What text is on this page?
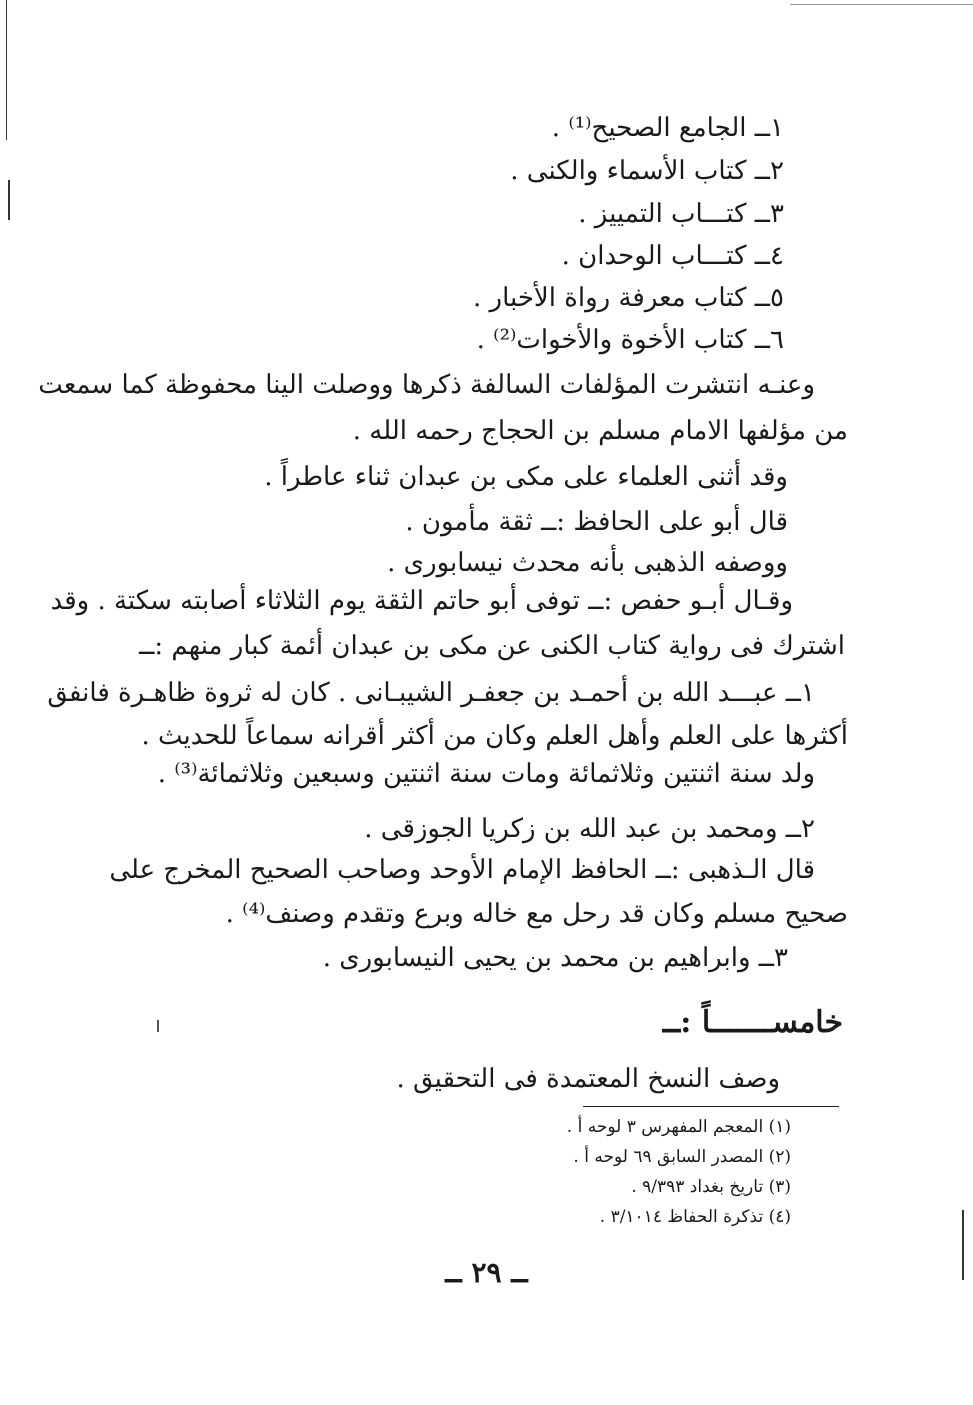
١ــ الجامع الصحيح⁽¹⁾ .
٢ــ كتاب الأسماء والكنى .
٣ــ كتـــاب التمييز .
٤ــ كتـــاب الوحدان .
٥ــ كتاب معرفة رواة الأخبار .
٦ــ كتاب الأخوة والأخوات⁽²⁾ .
وعنـه انتشرت المؤلفات السالفة ذكرها ووصلت الينا محفوظة كما سمعت
من مؤلفها الامام مسلم بن الحجاج رحمه الله .
وقد أثنى العلماء على مكى بن عبدان ثناء عاطراً .
قال أبو على الحافظ :ــ ثقة مأمون .
ووصفه الذهبى بأنه محدث نيسابورى .
وقـال أبـو حفص :ــ توفى أبو حاتم الثقة يوم الثلاثاء أصابته سكتة . وقد
اشترك فى رواية كتاب الكنى عن مكى بن عبدان أئمة كبار منهم :ــ
١ــ عبـــد الله بن أحمـد بن جعفـر الشيبـانى . كان له ثروة ظاهـرة فانفق
أكثرها على العلم وأهل العلم وكان من أكثر أقرانه سماعاً للحديث .
ولد سنة اثنتين وثلاثمائة ومات سنة اثنتين وسبعين وثلاثمائة⁽³⁾ .
٢ــ ومحمد بن عبد الله بن زكريا الجوزقى .
قال الـذهبى :ــ الحافظ الإمام الأوحد وصاحب الصحيح المخرج على
صحيح مسلم وكان قد رحل مع خاله وبرع وتقدم وصنف⁽⁴⁾ .
٣ــ وابراهيم بن محمد بن يحيى النيسابورى .
خامســـــــاً :ــ
وصف النسخ المعتمدة فى التحقيق .
(١) المعجم المفهرس ٣ لوحه أ .
(٢) المصدر السابق ٦٩ لوحه أ .
(٣) تاريخ بغداد ٩/٣٩٣ .
(٤) تذكرة الحفاظ ٣/١٠١٤ .
ــ ٢٩ ــ
